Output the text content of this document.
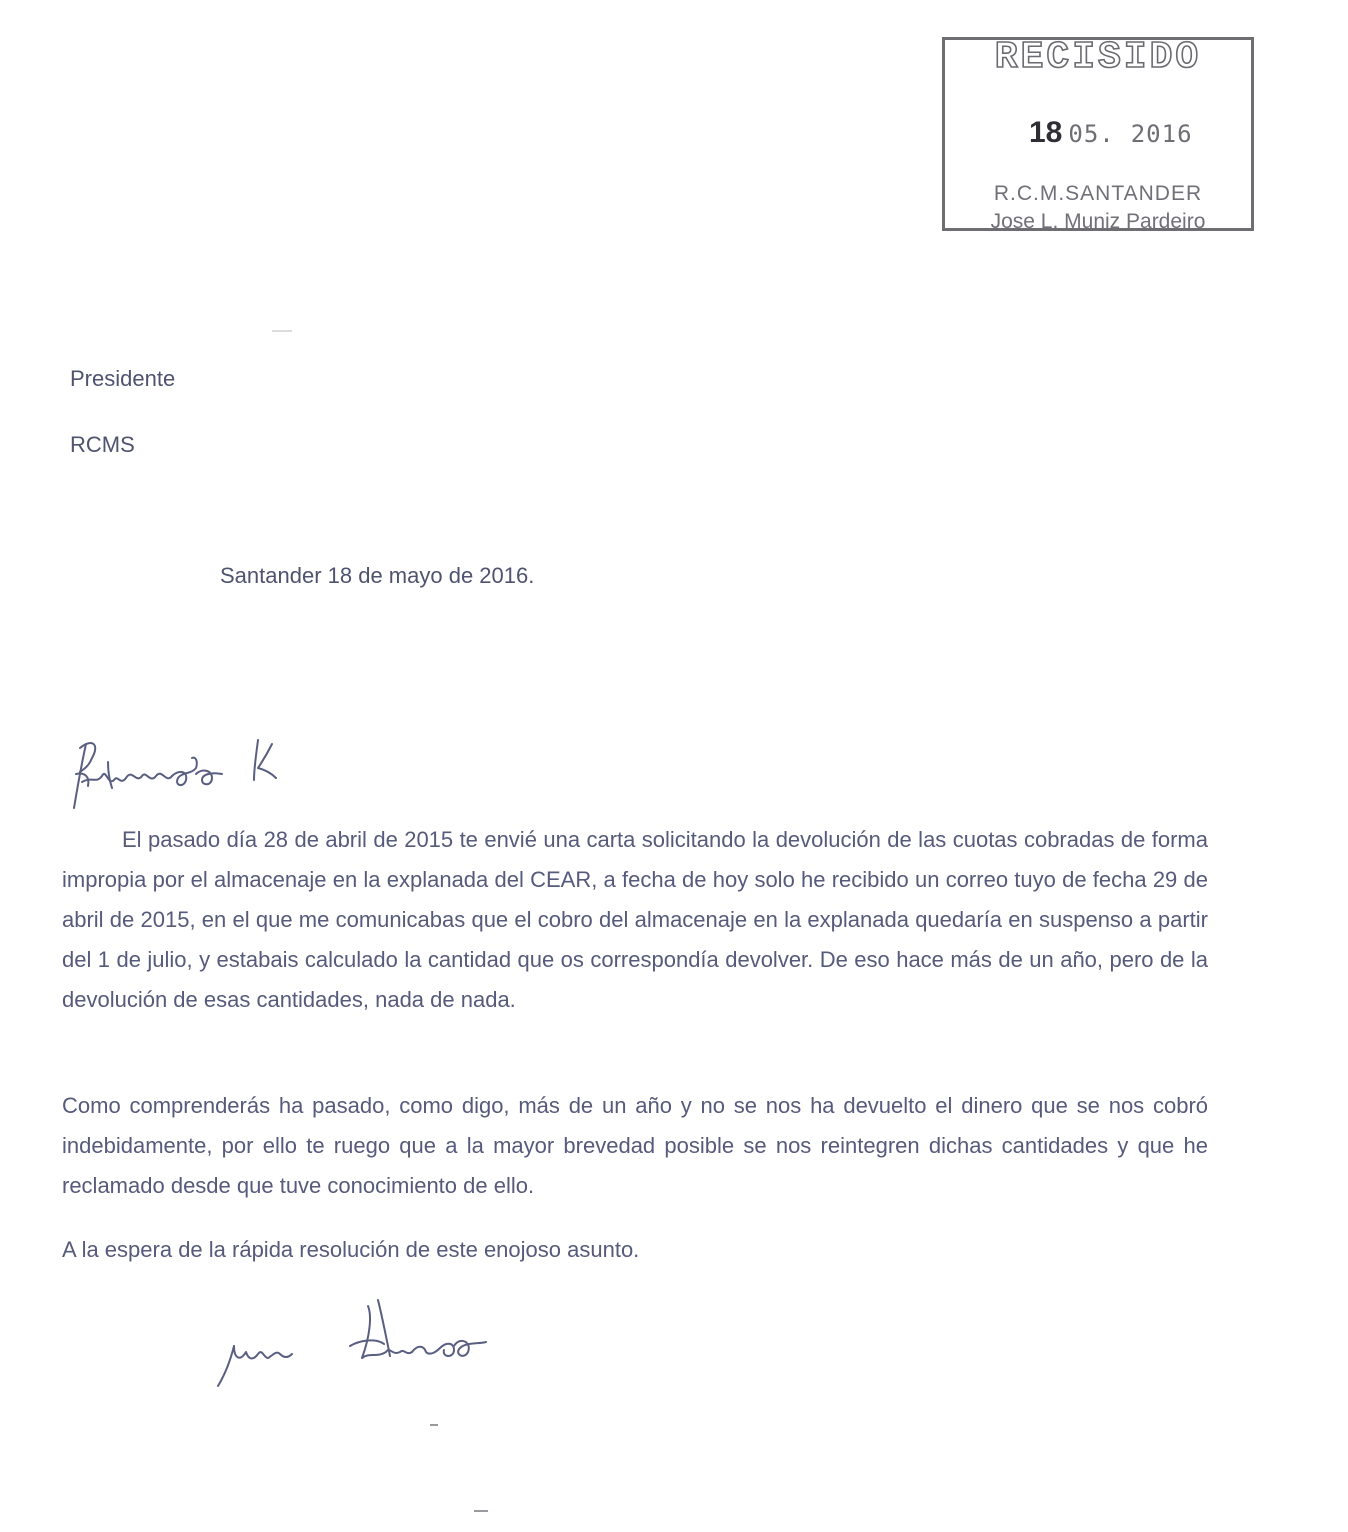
RECISIDO
18 05. 2016
R.C.M.SANTANDER
Jose L. Muniz Pardeiro
Presidente
RCMS
Santander 18 de mayo de 2016.
El pasado día 28 de abril de 2015 te envié una carta solicitando la devolución de las cuotas cobradas de forma impropia por el almacenaje en la explanada del CEAR, a fecha de hoy solo he recibido un correo tuyo de fecha 29 de abril de 2015, en el que me comunicabas que el cobro del almacenaje en la explanada quedaría en suspenso a partir del 1 de julio, y estabais calculado la cantidad que os correspondía devolver. De eso hace más de un año, pero de la devolución de esas cantidades, nada de nada.
Como comprenderás ha pasado, como digo, más de un año y no se nos ha devuelto el dinero que se nos cobró indebidamente, por ello te ruego que a la mayor brevedad posible se nos reintegren dichas cantidades y que he reclamado desde que tuve conocimiento de ello.
A la espera de la rápida resolución de este enojoso asunto.
